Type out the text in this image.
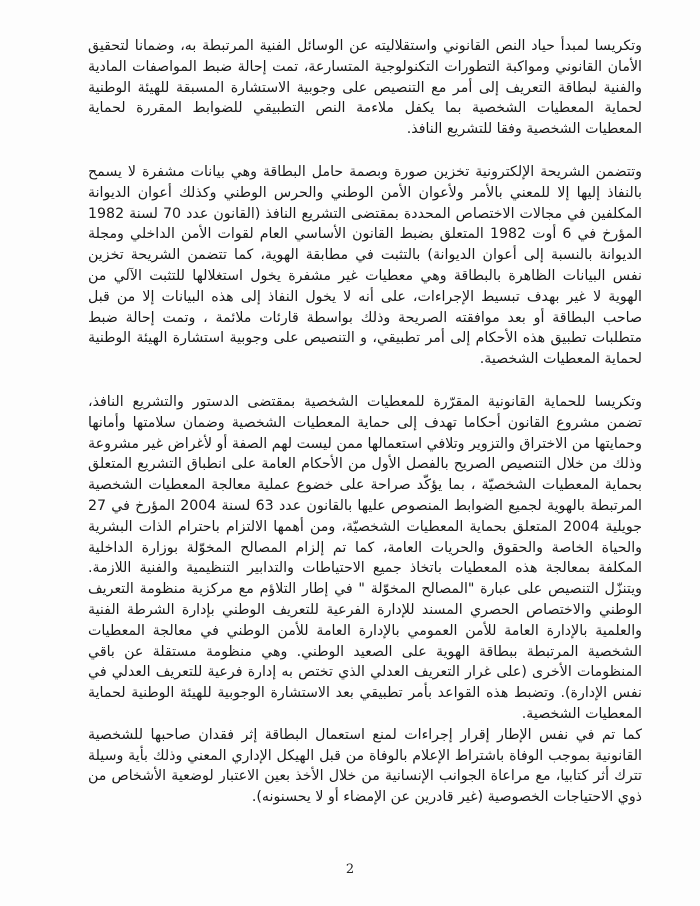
وتكريسا لمبدأ حياد النص القانوني واستقلاليته عن الوسائل الفنية المرتبطة به، وضمانا لتحقيق الأمان القانوني ومواكبة التطورات التكنولوجية المتسارعة، تمت إحالة ضبط المواصفات المادية والفنية لبطاقة التعريف إلى أمر مع التنصيص على وجوبية الاستشارة المسبقة للهيئة الوطنية لحماية المعطيات الشخصية بما يكفل ملاءمة النص التطبيقي للضوابط المقررة لحماية المعطيات الشخصية وفقا للتشريع النافذ.

وتتضمن الشريحة الإلكترونية تخزين صورة وبصمة حامل البطاقة وهي بيانات مشفرة لا يسمح بالنفاذ إليها إلا للمعني بالأمر ولأعوان الأمن الوطني والحرس الوطني وكذلك أعوان الديوانة المكلفين في مجالات الاختصاص المحددة بمقتضى التشريع النافذ (القانون عدد 70 لسنة 1982 المؤرخ في 6 أوت 1982 المتعلق بضبط القانون الأساسي العام لقوات الأمن الداخلي ومجلة الديوانة بالنسبة إلى أعوان الديوانة) بالتثبت في مطابقة الهوية، كما تتضمن الشريحة تخزين نفس البيانات الظاهرة بالبطاقة وهي معطيات غير مشفرة يخول استغلالها للتثبت الآلي من الهوية لا غير بهدف تبسيط الإجراءات، على أنه لا يخول النفاذ إلى هذه البيانات إلا من قبل صاحب البطاقة أو بعد موافقته الصريحة وذلك بواسطة قارئات ملائمة ، وتمت إحالة ضبط متطلبات تطبيق هذه الأحكام إلى أمر تطبيقي، و التنصيص على وجوبية استشارة الهيئة الوطنية لحماية المعطيات الشخصية.

وتكريسا للحماية القانونية المقرّرة للمعطيات الشخصية بمقتضى الدستور والتشريع النافذ، تضمن مشروع القانون أحكاما تهدف إلى حماية المعطيات الشخصية وضمان سلامتها وأمانها وحمايتها من الاختراق والتزوير وتلافي استعمالها ممن ليست لهم الصفة أو لأغراض غير مشروعة وذلك من خلال التنصيص الصريح بالفصل الأول من الأحكام العامة على انطباق التشريع المتعلق بحماية المعطيات الشخصيّة ، بما يؤكّد صراحة على خضوع عملية معالجة المعطيات الشخصية المرتبطة بالهوية لجميع الضوابط المنصوص عليها بالقانون عدد 63 لسنة 2004 المؤرخ في 27 جويلية 2004 المتعلق بحماية المعطيات الشخصيّة، ومن أهمها الالتزام باحترام الذات البشرية والحياة الخاصة والحقوق والحريات العامة، كما تم إلزام المصالح المخوّلة بوزارة الداخلية المكلفة بمعالجة هذه المعطيات باتخاذ جميع الاحتياطات والتدابير التنظيمية والفنية اللازمة. ويتنزّل التنصيص على عبارة "المصالح المخوّلة " في إطار التلاؤم مع مركزية منظومة التعريف الوطني والاختصاص الحصري المسند للإدارة الفرعية للتعريف الوطني بإدارة الشرطة الفنية والعلمية بالإدارة العامة للأمن العمومي بالإدارة العامة للأمن الوطني في معالجة المعطيات الشخصية المرتبطة ببطاقة الهوية على الصعيد الوطني. وهي منظومة مستقلة عن باقي المنظومات الأخرى (على غرار التعريف العدلي الذي تختص به إدارة فرعية للتعريف العدلي في نفس الإدارة). وتضبط هذه القواعد بأمر تطبيقي بعد الاستشارة الوجوبية للهيئة الوطنية لحماية المعطيات الشخصية.

كما تم في نفس الإطار إقرار إجراءات لمنع استعمال البطاقة إثر فقدان صاحبها للشخصية القانونية بموجب الوفاة باشتراط الإعلام بالوفاة من قبل الهيكل الإداري المعني وذلك بأية وسيلة تترك أثر كتابيا، مع مراعاة الجوانب الإنسانية من خلال الأخذ بعين الاعتبار لوضعية الأشخاص من ذوي الاحتياجات الخصوصية (غير قادرين عن الإمضاء أو لا يحسنونه).

2
